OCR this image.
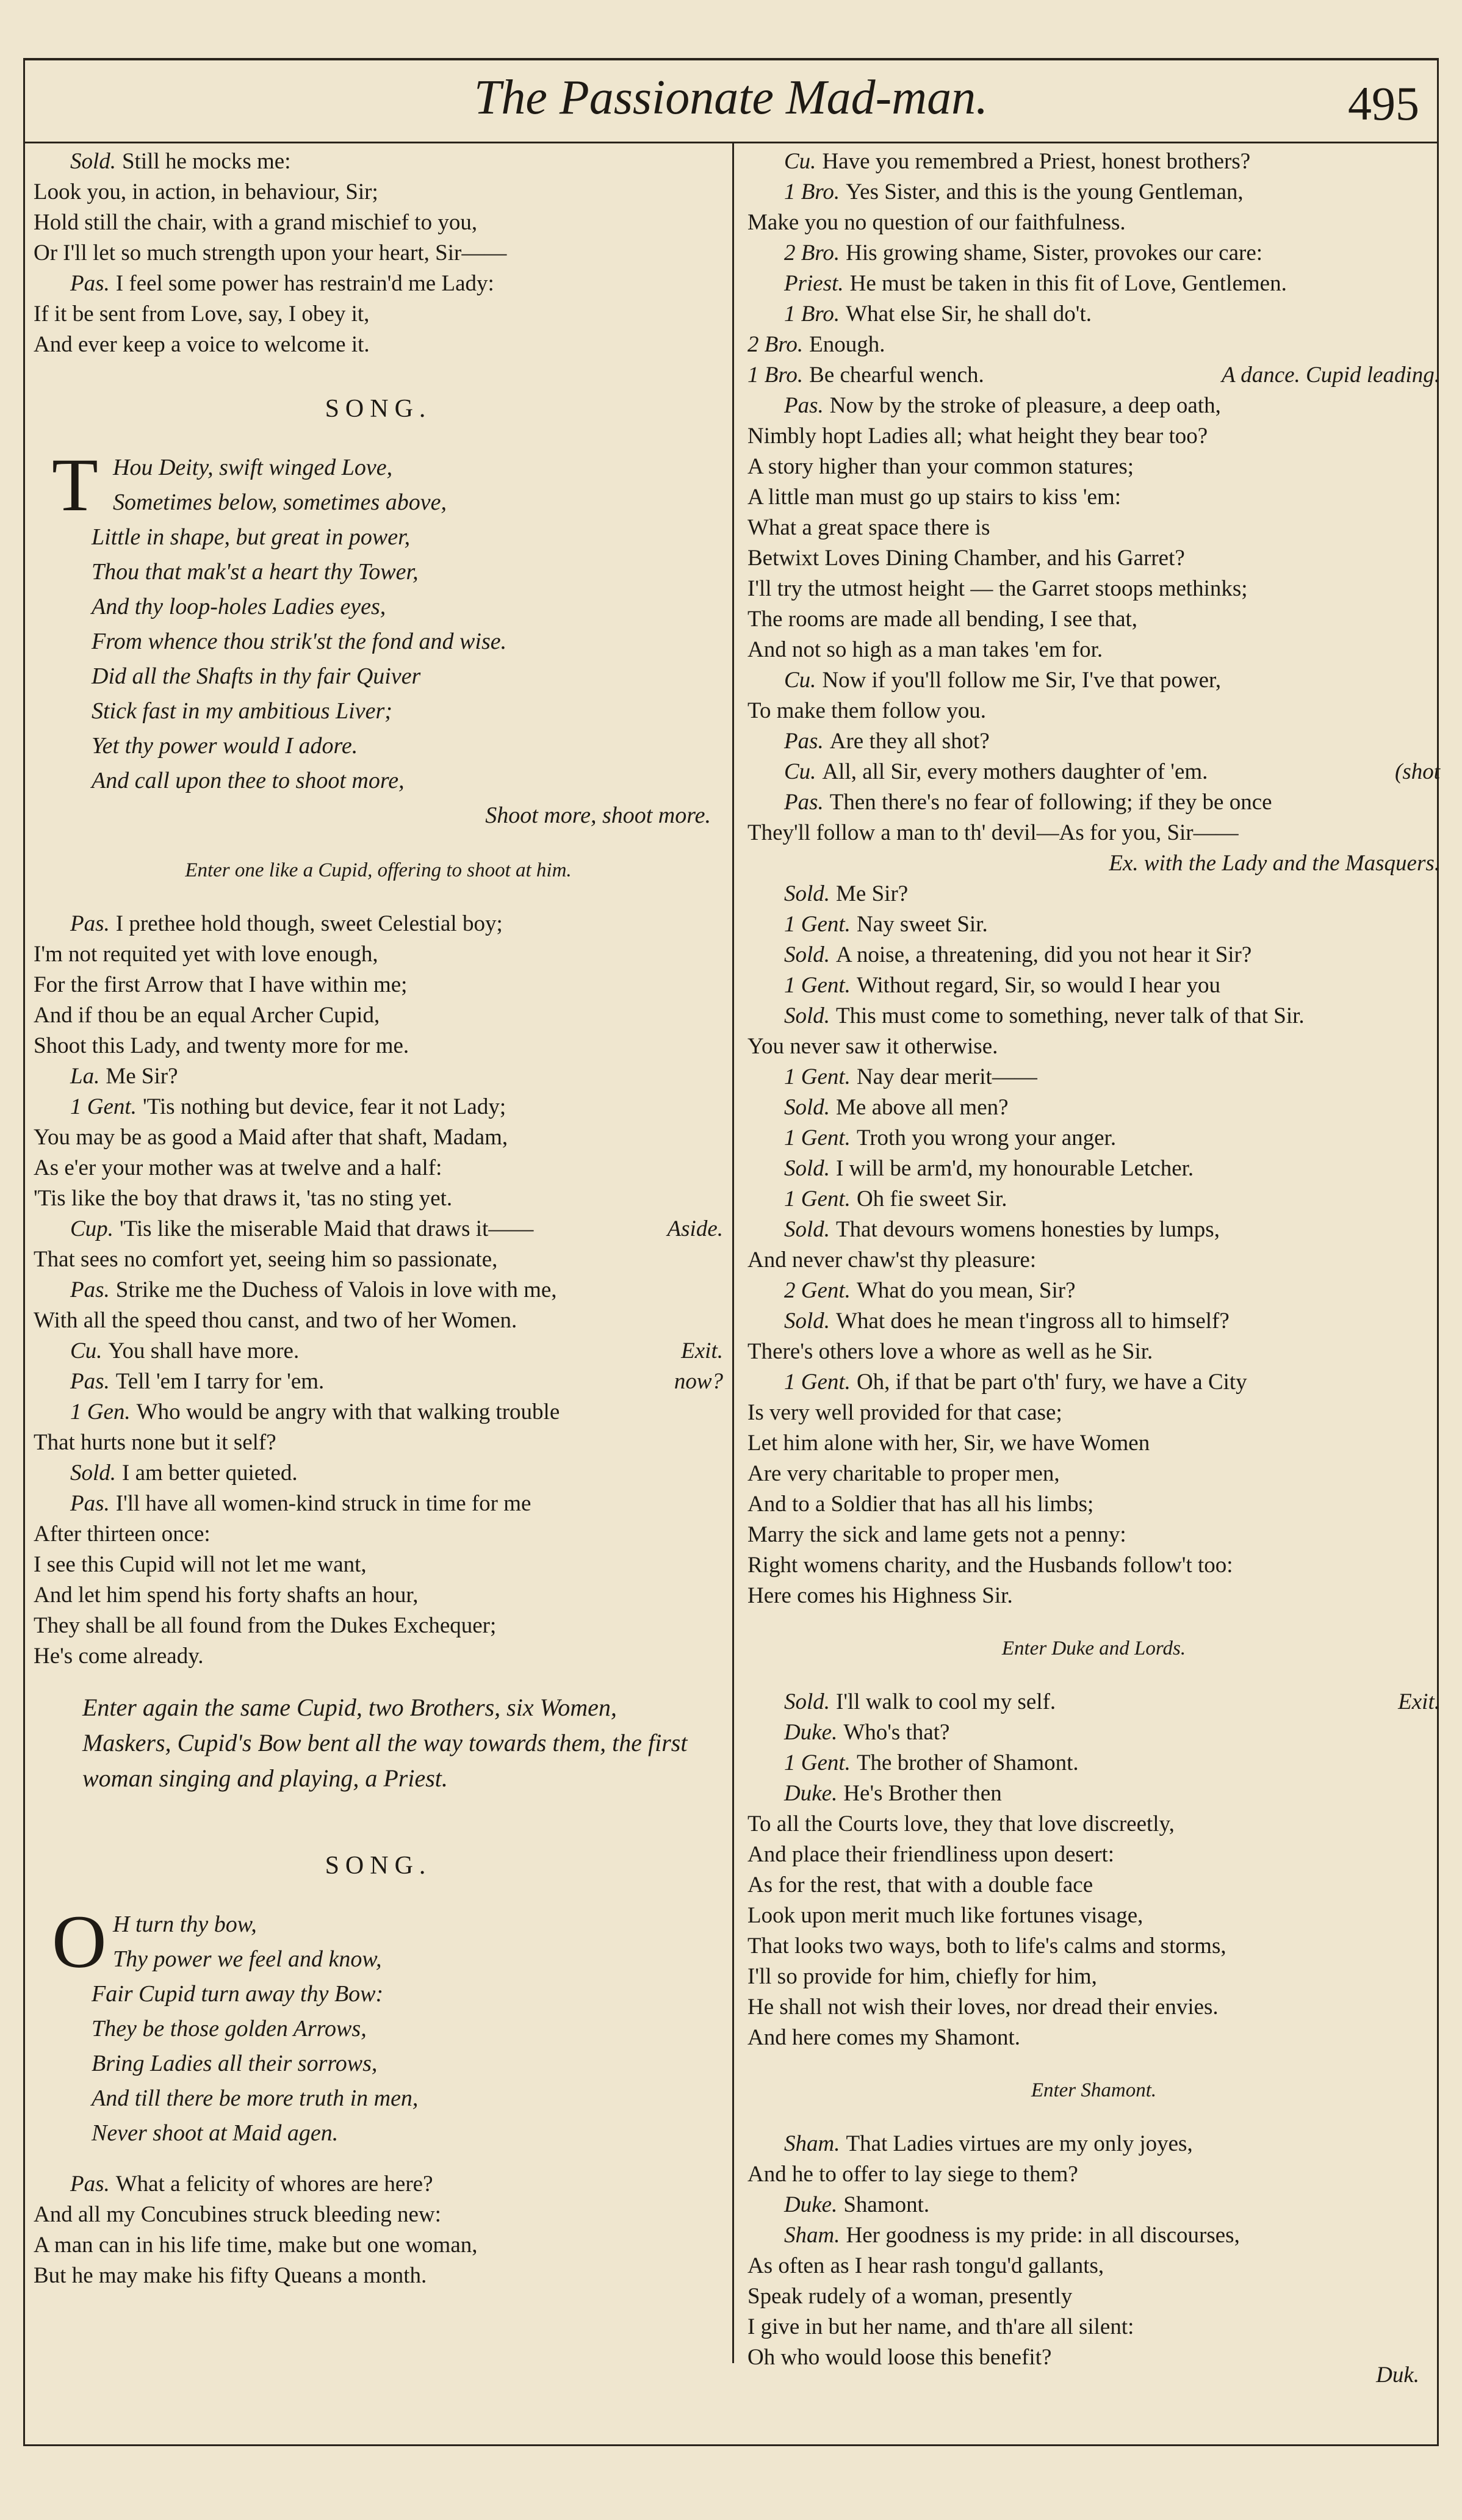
The Passionate Mad-man.	495
Sold. Still he mocks me:
Look you, in action, in behaviour, Sir;
Hold still the chair, with a grand mischief to you,
Or I'll let so much strength upon your heart, Sir——
Pas. I feel some power has restrain'd me Lady:
If it be sent from Love, say, I obey it,
And ever keep a voice to welcome it.
SONG.
T Hou Deity, swift winged Love,
Sometimes below, sometimes above,
Little in shape, but great in power,
Thou that mak'st a heart thy Tower,
And thy loop-holes Ladies eyes,
From whence thou strik'st the fond and wise.
Did all the Shafts in thy fair Quiver
Stick fast in my ambitious Liver;
Yet thy power would I adore.
And call upon thee to shoot more,
Shoot more, shoot more.
Enter one like a Cupid, offering to shoot at him.
Pas. I prethee hold though, sweet Celestial boy;
I'm not requited yet with love enough,
For the first Arrow that I have within me;
And if thou be an equal Archer Cupid,
Shoot this Lady, and twenty more for me.
La. Me Sir?
1 Gent. 'Tis nothing but device, fear it not Lady;
You may be as good a Maid after that shaft, Madam,
As e'er your mother was at twelve and a half:
'Tis like the boy that draws it, 'tas no sting yet.
Cup. 'Tis like the miserable Maid that draws it——	Aside.
That sees no comfort yet, seeing him so passionate,
Pas. Strike me the Duchess of Valois in love with me,
With all the speed thou canst, and two of her Women.
Cu. You shall have more.	Exit.
Pas. Tell 'em I tarry for 'em.	now?
1 Gen. Who would be angry with that walking trouble
That hurts none but it self?
Sold. I am better quieted.
Pas. I'll have all women-kind struck in time for me
After thirteen once:
I see this Cupid will not let me want,
And let him spend his forty shafts an hour,
They shall be all found from the Dukes Exchequer;
He's come already.
Enter again the same Cupid, two Brothers, six Women, Maskers, Cupid's Bow bent all the way towards them, the first woman singing and playing, a Priest.
SONG.
O H turn thy bow,
Thy power we feel and know,
Fair Cupid turn away thy Bow:
They be those golden Arrows,
Bring Ladies all their sorrows,
And till there be more truth in men,
Never shoot at Maid agen.
Pas. What a felicity of whores are here?
And all my Concubines struck bleeding new:
A man can in his life time, make but one woman,
But he may make his fifty Queans a month.
Cu. Have you remembred a Priest, honest brothers?
1 Bro. Yes Sister, and this is the young Gentleman,
Make you no question of our faithfulness.
2 Bro. His growing shame, Sister, provokes our care:
Priest. He must be taken in this fit of Love, Gentlemen.
1 Bro. What else Sir, he shall do't.
2 Bro. Enough.
1 Bro. Be chearful wench.	A dance. Cupid leading.
Pas. Now by the stroke of pleasure, a deep oath,
Nimbly hopt Ladies all; what height they bear too?
A story higher than your common statures;
A little man must go up stairs to kiss 'em:
What a great space there is
Betwixt Loves Dining Chamber, and his Garret?
I'll try the utmost height — the Garret stoops methinks;
The rooms are made all bending, I see that,
And not so high as a man takes 'em for.
Cu. Now if you'll follow me Sir, I've that power,
To make them follow you.
Pas. Are they all shot?
Cu. All, all Sir, every mothers daughter of 'em.	(shot
Pas. Then there's no fear of following; if they be once
They'll follow a man to th' devil—As for you, Sir——
Ex. with the Lady and the Masquers.
Sold. Me Sir?
1 Gent. Nay sweet Sir.
Sold. A noise, a threatening, did you not hear it Sir?
1 Gent. Without regard, Sir, so would I hear you
Sold. This must come to something, never talk of that Sir.
You never saw it otherwise.
1 Gent. Nay dear merit——
Sold. Me above all men?
1 Gent. Troth you wrong your anger.
Sold. I will be arm'd, my honourable Letcher.
1 Gent. Oh fie sweet Sir.
Sold. That devours womens honesties by lumps,
And never chaw'st thy pleasure:
2 Gent. What do you mean, Sir?
Sold. What does he mean t'ingross all to himself?
There's others love a whore as well as he Sir.
1 Gent. Oh, if that be part o'th' fury, we have a City
Is very well provided for that case;
Let him alone with her, Sir, we have Women
Are very charitable to proper men,
And to a Soldier that has all his limbs;
Marry the sick and lame gets not a penny:
Right womens charity, and the Husbands follow't too:
Here comes his Highness Sir.
Enter Duke and Lords.
Sold. I'll walk to cool my self.	Exit.
Duke. Who's that?
1 Gent. The brother of Shamont.
Duke. He's Brother then
To all the Courts love, they that love discreetly,
And place their friendliness upon desert:
As for the rest, that with a double face
Look upon merit much like fortunes visage,
That looks two ways, both to life's calms and storms,
I'll so provide for him, chiefly for him,
He shall not wish their loves, nor dread their envies.
And here comes my Shamont.
Enter Shamont.
Sham. That Ladies virtues are my only joyes,
And he to offer to lay siege to them?
Duke. Shamont.
Sham. Her goodness is my pride: in all discourses,
As often as I hear rash tongu'd gallants,
Speak rudely of a woman, presently
I give in but her name, and th'are all silent:
Oh who would loose this benefit?
Duk.
